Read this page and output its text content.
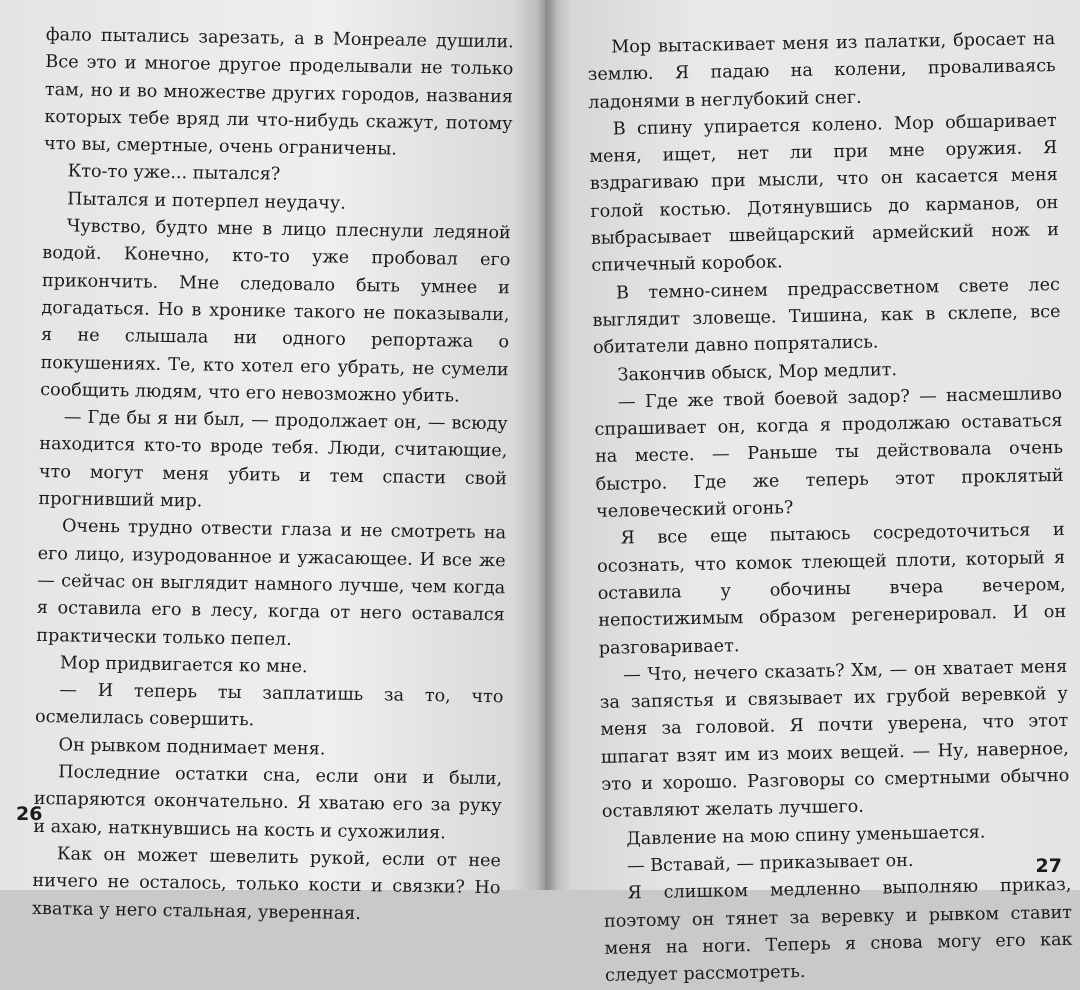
фало пытались зарезать, а в Монреале душили. Все это и многое другое проделывали не только там, но и во множестве других городов, названия которых тебе вряд ли что-нибудь скажут, потому что вы, смертные, очень ограничены.

Кто-то уже... пытался?

Пытался и потерпел неудачу.

Чувство, будто мне в лицо плеснули ледяной водой. Конечно, кто-то уже пробовал его прикончить. Мне следовало быть умнее и догадаться. Но в хронике такого не показывали, я не слышала ни одного репортажа о покушениях. Те, кто хотел его убрать, не сумели сообщить людям, что его невозможно убить.

— Где бы я ни был, — продолжает он, — всюду находится кто-то вроде тебя. Люди, считающие, что могут меня убить и тем спасти свой прогнивший мир.

Очень трудно отвести глаза и не смотреть на его лицо, изуродованное и ужасающее. И все же — сейчас он выглядит намного лучше, чем когда я оставила его в лесу, когда от него оставался практически только пепел.

Мор придвигается ко мне.

— И теперь ты заплатишь за то, что осмелилась совершить.

Он рывком поднимает меня.

Последние остатки сна, если они и были, испаряются окончательно. Я хватаю его за руку и ахаю, наткнувшись на кость и сухожилия.

Как он может шевелить рукой, если от нее ничего не осталось, только кости и связки? Но хватка у него стальная, уверенная.

26

Мор вытаскивает меня из палатки, бросает на землю. Я падаю на колени, проваливаясь ладонями в неглубокий снег.

В спину упирается колено. Мор обшаривает меня, ищет, нет ли при мне оружия. Я вздрагиваю при мысли, что он касается меня голой костью. Дотянувшись до карманов, он выбрасывает швейцарский армейский нож и спичечный коробок.

В темно-синем предрассветном свете лес выглядит зловеще. Тишина, как в склепе, все обитатели давно попрятались.

Закончив обыск, Мор медлит.

— Где же твой боевой задор? — насмешливо спрашивает он, когда я продолжаю оставаться на месте. — Раньше ты действовала очень быстро. Где же теперь этот проклятый человеческий огонь?

Я все еще пытаюсь сосредоточиться и осознать, что комок тлеющей плоти, который я оставила у обочины вчера вечером, непостижимым образом регенерировал. И он разговаривает.

— Что, нечего сказать? Хм, — он хватает меня за запястья и связывает их грубой веревкой у меня за головой. Я почти уверена, что этот шпагат взят им из моих вещей. — Ну, наверное, это и хорошо. Разговоры со смертными обычно оставляют желать лучшего.

Давление на мою спину уменьшается.

— Вставай, — приказывает он.

Я слишком медленно выполняю приказ, поэтому он тянет за веревку и рывком ставит меня на ноги. Теперь я снова могу его как следует рассмотреть.

27
